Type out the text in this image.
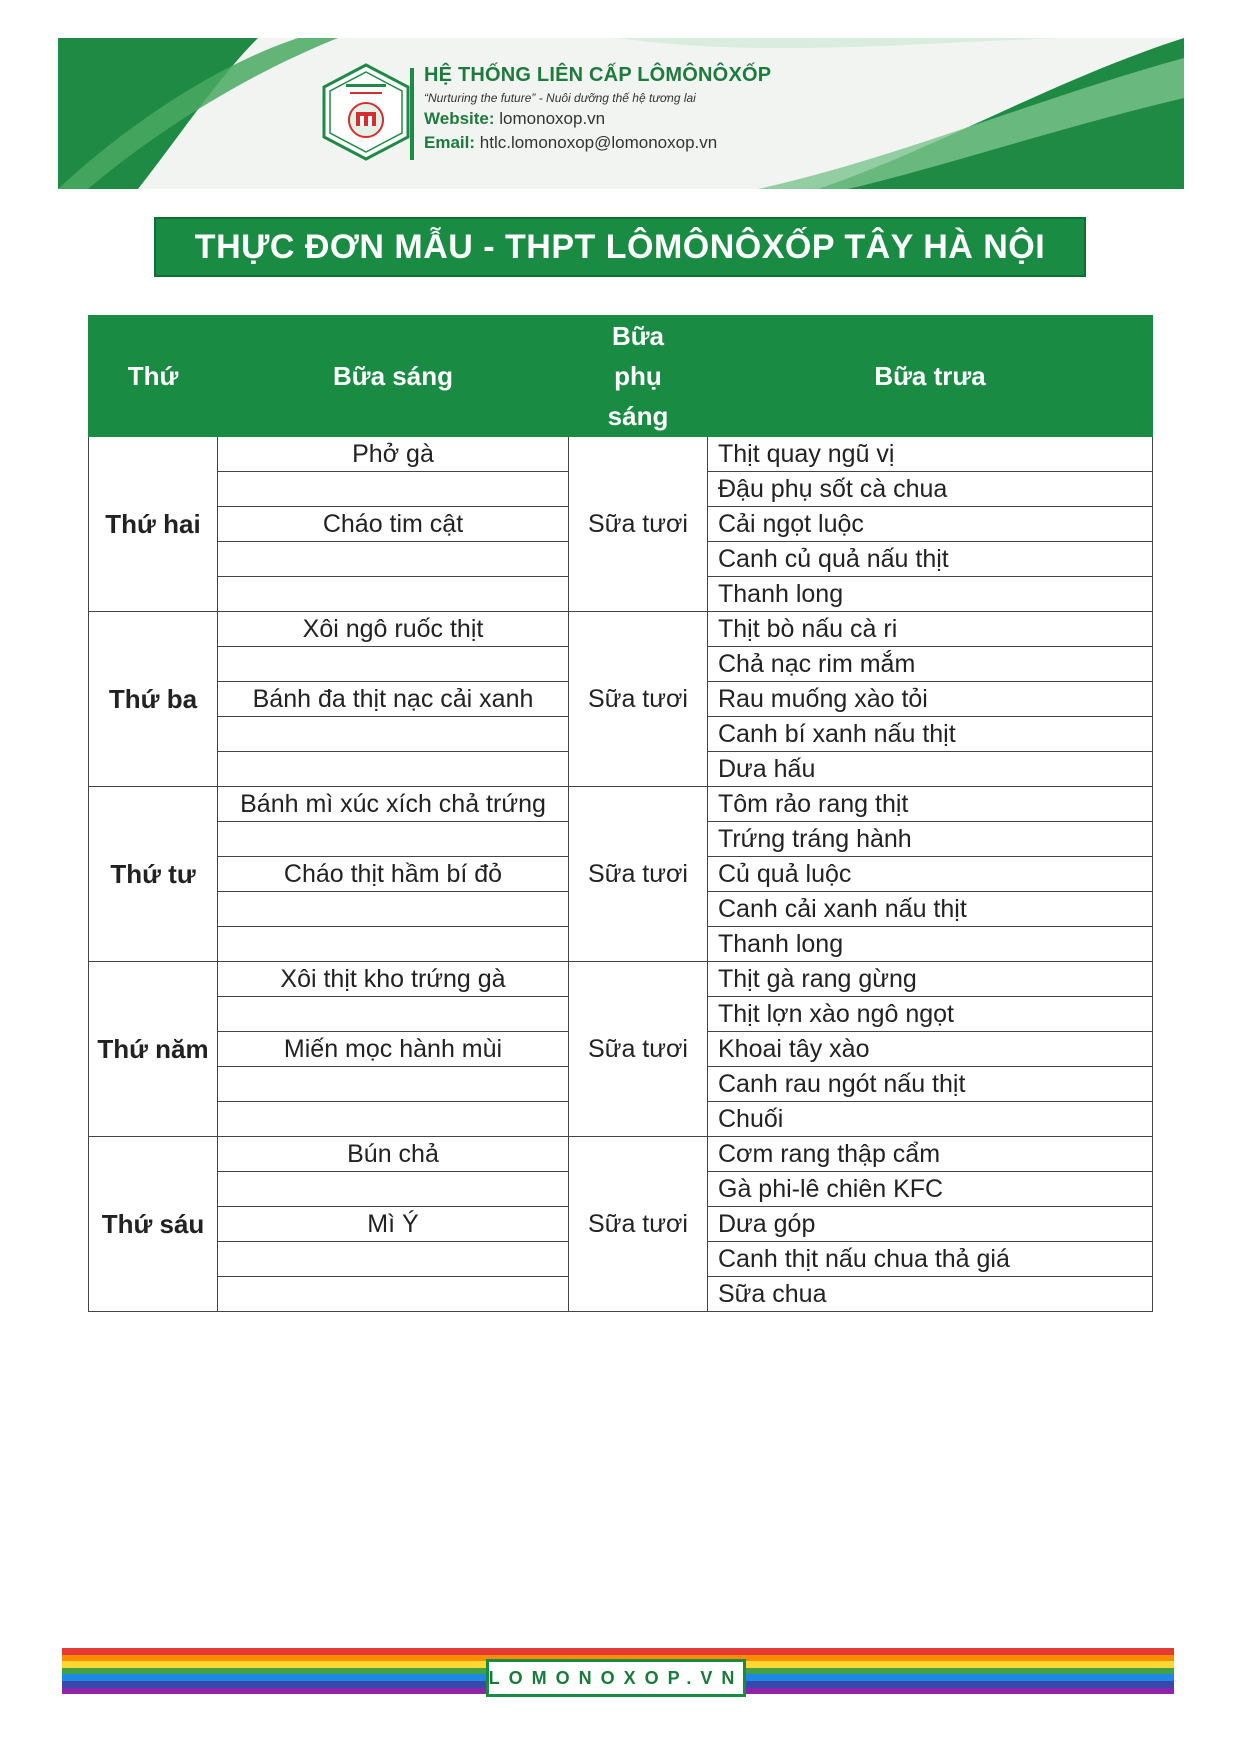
HỆ THỐNG LIÊN CẤP LÔMÔNÔXỐP
“Nurturing the future” - Nuôi dưỡng thế hệ tương lai
Website: lomonoxop.vn
Email: htlc.lomonoxop@lomonoxop.vn
THỰC ĐƠN MẪU - THPT LÔMÔNÔXỐP TÂY HÀ NỘI
Thứ	Bữa sáng	Bữa phụ sáng	Bữa trưa
Thứ hai	Phở gà	Sữa tươi	Thịt quay ngũ vị
			Đậu phụ sốt cà chua
	Cháo tim cật		Cải ngọt luộc
			Canh củ quả nấu thịt
			Thanh long
Thứ ba	Xôi ngô ruốc thịt	Sữa tươi	Thịt bò nấu cà ri
			Chả nạc rim mắm
	Bánh đa thịt nạc cải xanh		Rau muống xào tỏi
			Canh bí xanh nấu thịt
			Dưa hấu
Thứ tư	Bánh mì xúc xích chả trứng	Sữa tươi	Tôm rảo rang thịt
			Trứng tráng hành
	Cháo thịt hầm bí đỏ		Củ quả luộc
			Canh cải xanh nấu thịt
			Thanh long
Thứ năm	Xôi thịt kho trứng gà	Sữa tươi	Thịt gà rang gừng
			Thịt lợn xào ngô ngọt
	Miến mọc hành mùi		Khoai tây xào
			Canh rau ngót nấu thịt
			Chuối
Thứ sáu	Bún chả	Sữa tươi	Cơm rang thập cẩm
			Gà phi-lê chiên KFC
	Mì Ý		Dưa góp
			Canh thịt nấu chua thả giá
			Sữa chua
LOMONOXOP.VN
